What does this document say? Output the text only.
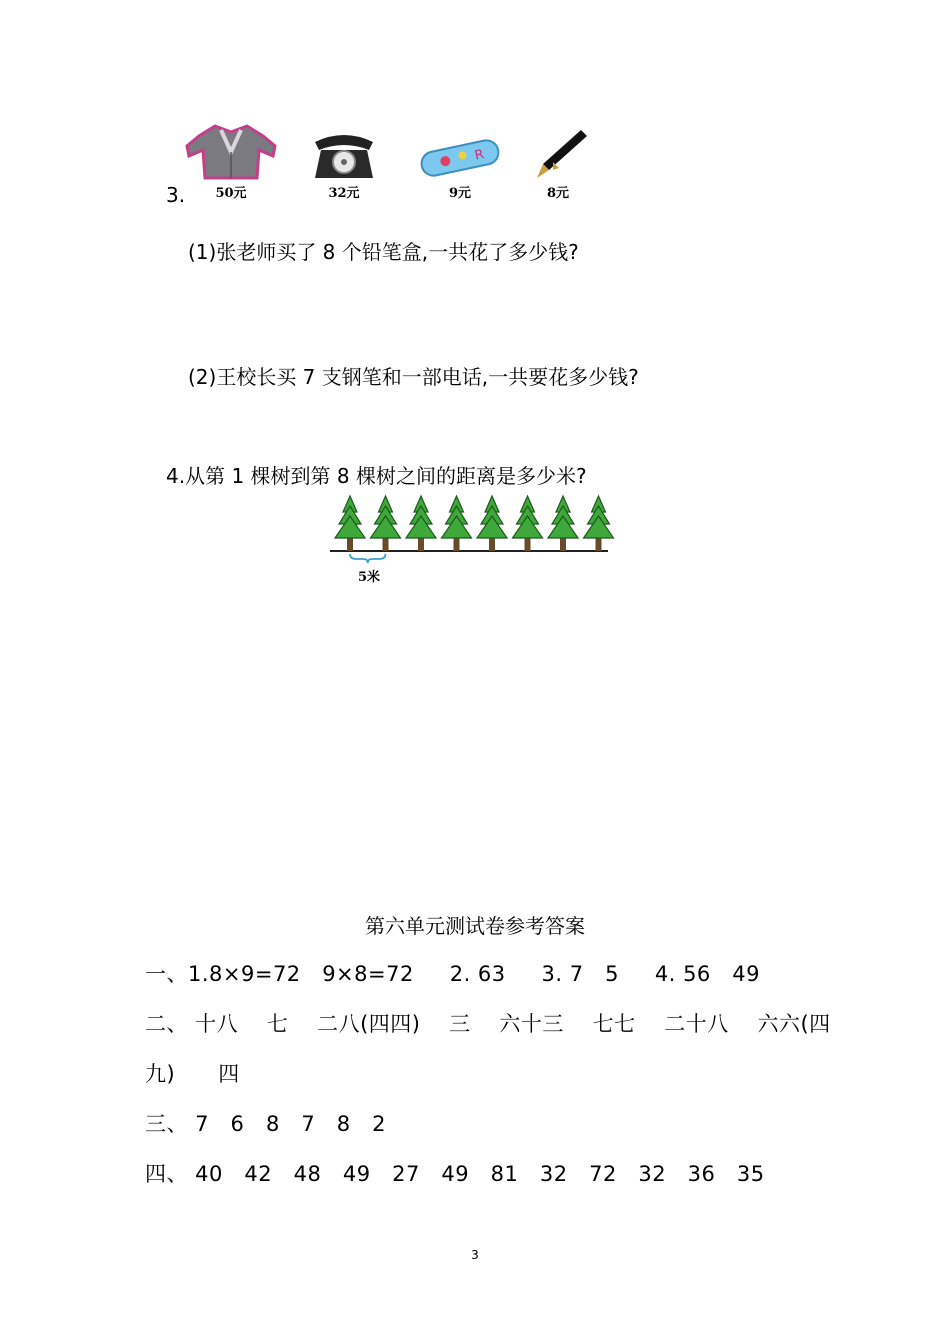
50元	32元
R
9元	8元
3.
(1)张老师买了 8 个铅笔盒,一共花了多少钱?
(2)王校长买 7 支钢笔和一部电话,一共要花多少钱?
4.从第 1 棵树到第 8 棵树之间的距离是多少米?
5米
第六单元测试卷参考答案
一、1.8×9=72   9×8=72     2. 63     3. 7   5     4. 56   49
二、 十八    七    二八(四四)    三    六十三    七七    二十八    六六(四
九)      四
三、 7   6   8   7   8   2
四、 40   42   48   49   27   49   81   32   72   32   36   35
3
